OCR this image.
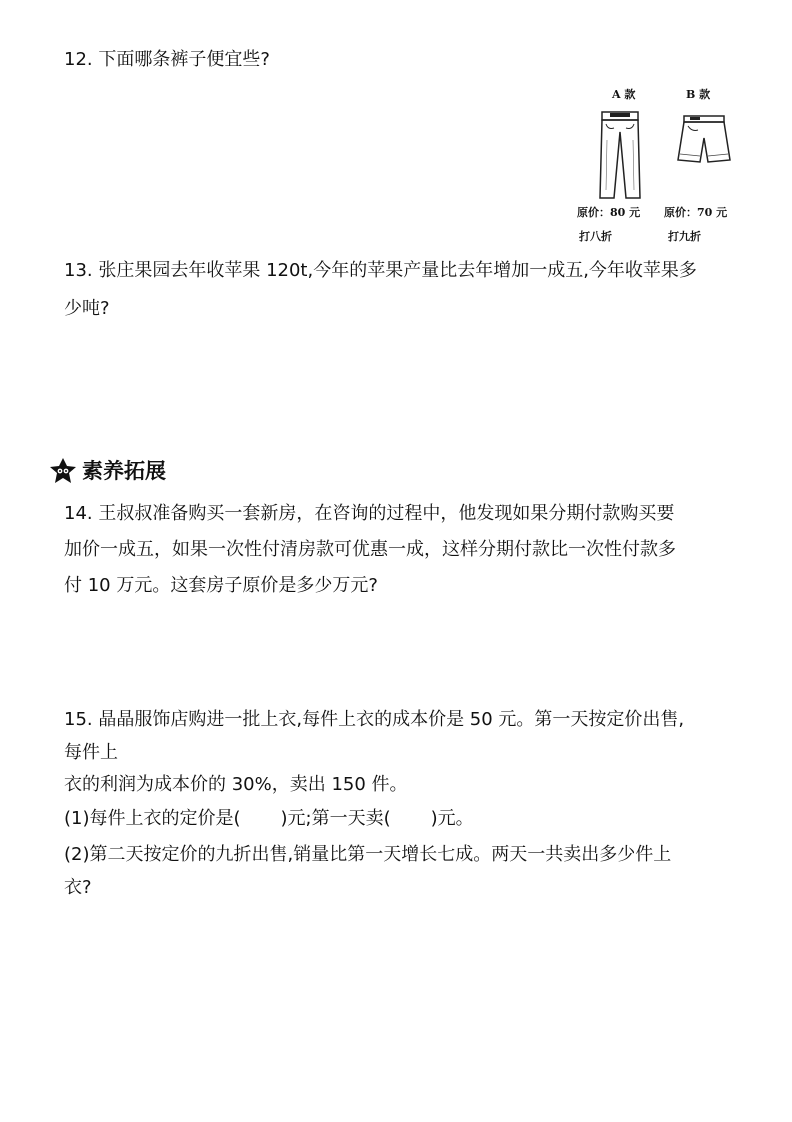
12. 下面哪条裤子便宜些?
A 款	B 款
原价：80 元 原价：70 元
打八折	打九折
13. 张庄果园去年收苹果 120t,今年的苹果产量比去年增加一成五,今年收苹果多
少吨?
素养拓展
14. 王叔叔准备购买一套新房，在咨询的过程中，他发现如果分期付款购买要
加价一成五，如果一次性付清房款可优惠一成，这样分期付款比一次性付款多
付 10 万元。这套房子原价是多少万元?
15. 晶晶服饰店购进一批上衣,每件上衣的成本价是 50 元。第一天按定价出售,
每件上
衣的利润为成本价的 30%，卖出 150 件。
(1)每件上衣的定价是( )元;第一天卖( )元。
(2)第二天按定价的九折出售,销量比第一天增长七成。两天一共卖出多少件上
衣?
